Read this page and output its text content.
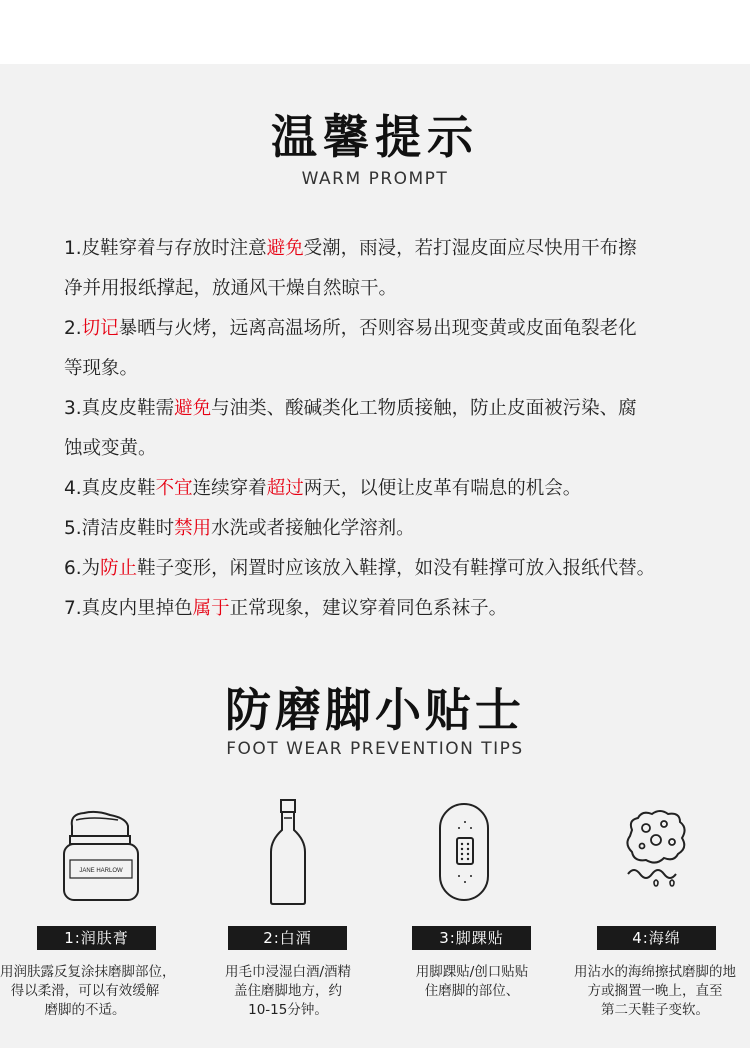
温馨提示
WARM PROMPT
1.皮鞋穿着与存放时注意避免受潮，雨浸，若打湿皮面应尽快用干布擦
净并用报纸撑起，放通风干燥自然晾干。
2.切记暴晒与火烤，远离高温场所，否则容易出现变黄或皮面龟裂老化
等现象。
3.真皮皮鞋需避免与油类、酸碱类化工物质接触，防止皮面被污染、腐
蚀或变黄。
4.真皮皮鞋不宜连续穿着超过两天，以便让皮革有喘息的机会。
5.清洁皮鞋时禁用水洗或者接触化学溶剂。
6.为防止鞋子变形，闲置时应该放入鞋撑，如没有鞋撑可放入报纸代替。
7.真皮内里掉色属于正常现象，建议穿着同色系袜子。
防磨脚小贴士
FOOT WEAR PREVENTION TIPS
JANE HARLOW
1:润肤膏
用润肤露反复涂抹磨脚部位，
得以柔滑，可以有效缓解
磨脚的不适。
2:白酒
用毛巾浸湿白酒/酒精
盖住磨脚地方，约
10-15分钟。
3:脚踝贴
用脚踝贴/创口贴贴
住磨脚的部位、
4:海绵
用沾水的海绵擦拭磨脚的地
方或搁置一晚上，直至
第二天鞋子变软。
